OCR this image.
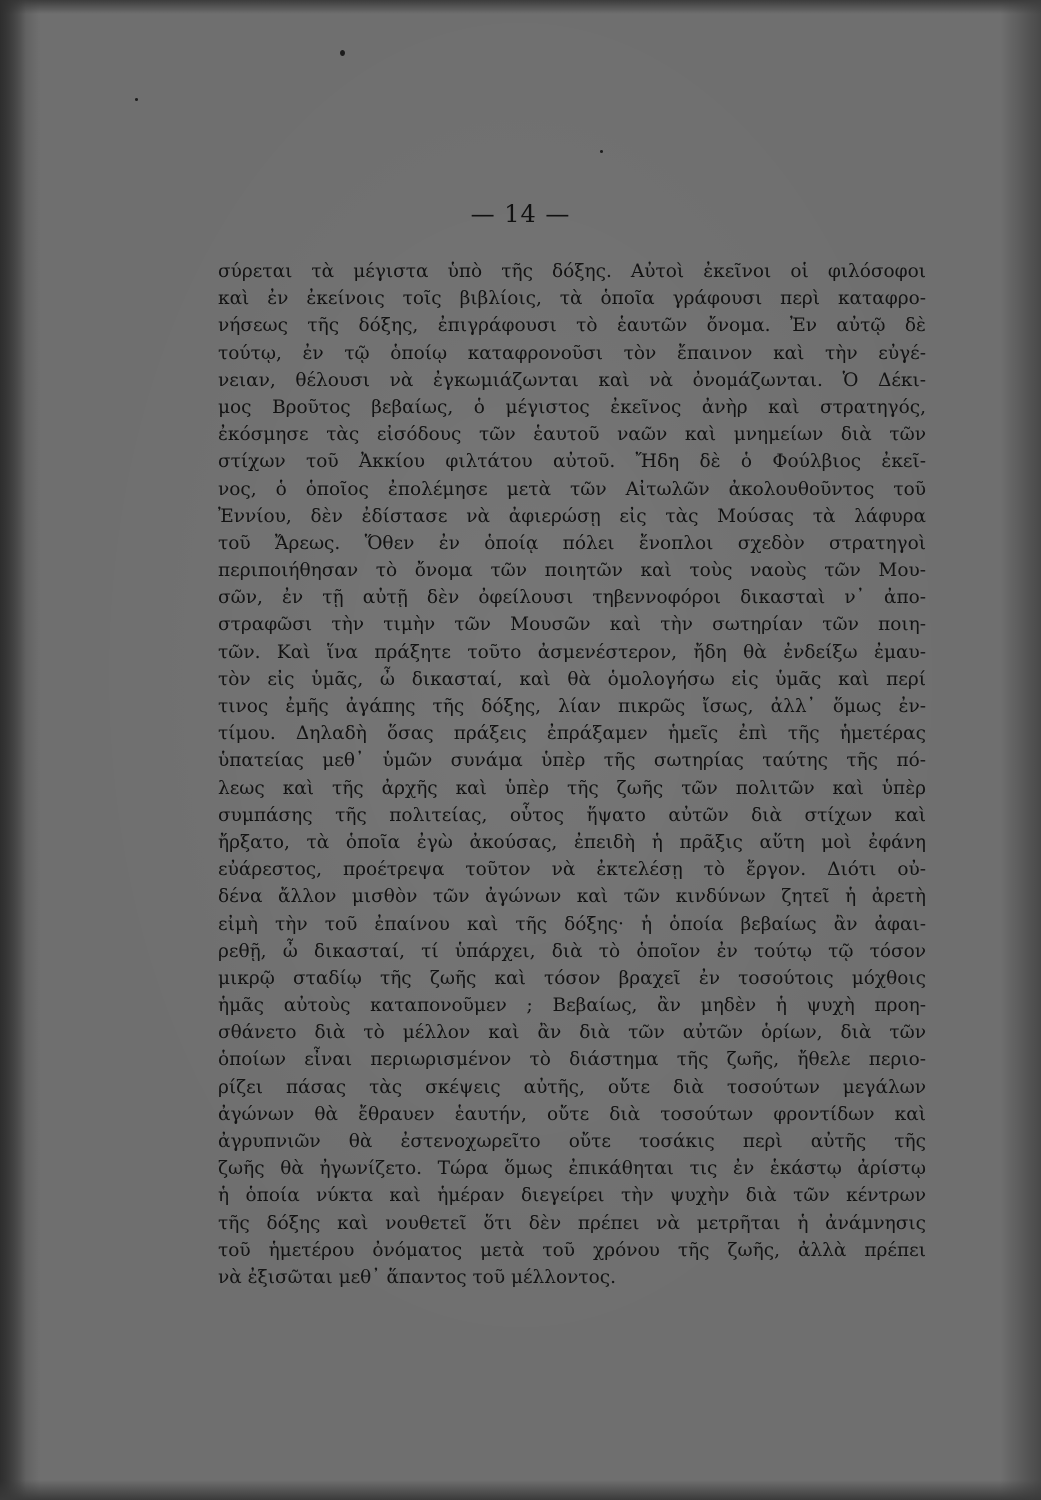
— 14 —
σύρεται τὰ μέγιστα ὑπὸ τῆς δόξης. Αὐτοὶ ἐκεῖνοι οἱ φιλόσοφοι
καὶ ἐν ἐκείνοις τοῖς βιβλίοις, τὰ ὁποῖα γράφουσι περὶ καταφρο-
νήσεως τῆς δόξης, ἐπιγράφουσι τὸ ἑαυτῶν ὄνομα. Ἐν αὐτῷ δὲ
τούτῳ, ἐν τῷ ὁποίῳ καταφρονοῦσι τὸν ἔπαινον καὶ τὴν εὐγέ-
νειαν, θέλουσι νὰ ἐγκωμιάζωνται καὶ νὰ ὀνομάζωνται. Ὁ Δέκι-
μος Βροῦτος βεβαίως, ὁ μέγιστος ἐκεῖνος ἀνὴρ καὶ στρατηγός,
ἐκόσμησε τὰς εἰσόδους τῶν ἑαυτοῦ ναῶν καὶ μνημείων διὰ τῶν
στίχων τοῦ Ἀκκίου φιλτάτου αὐτοῦ. Ἤδη δὲ ὁ Φούλβιος ἐκεῖ-
νος, ὁ ὁποῖος ἐπολέμησε μετὰ τῶν Αἰτωλῶν ἀκολουθοῦντος τοῦ
Ἐννίου, δὲν ἐδίστασε νὰ ἀφιερώσῃ εἰς τὰς Μούσας τὰ λάφυρα
τοῦ Ἄρεως. Ὅθεν ἐν ὁποίᾳ πόλει ἔνοπλοι σχεδὸν στρατηγοὶ
περιποιήθησαν τὸ ὄνομα τῶν ποιητῶν καὶ τοὺς ναοὺς τῶν Μου-
σῶν, ἐν τῇ αὐτῇ δὲν ὀφείλουσι τηβεννοφόροι δικασταὶ ν᾽ ἀπο-
στραφῶσι τὴν τιμὴν τῶν Μουσῶν καὶ τὴν σωτηρίαν τῶν ποιη-
τῶν. Καὶ ἵνα πράξητε τοῦτο ἀσμενέστερον, ἤδη θὰ ἐνδείξω ἐμαυ-
τὸν εἰς ὑμᾶς, ὦ δικασταί, καὶ θὰ ὁμολογήσω εἰς ὑμᾶς καὶ περί
τινος ἐμῆς ἀγάπης τῆς δόξης, λίαν πικρῶς ἴσως, ἀλλ᾽ ὅμως ἐν-
τίμου. Δηλαδὴ ὅσας πράξεις ἐπράξαμεν ἡμεῖς ἐπὶ τῆς ἡμετέρας
ὑπατείας μεθ᾽ ὑμῶν συνάμα ὑπὲρ τῆς σωτηρίας ταύτης τῆς πό-
λεως καὶ τῆς ἀρχῆς καὶ ὑπὲρ τῆς ζωῆς τῶν πολιτῶν καὶ ὑπὲρ
συμπάσης τῆς πολιτείας, οὗτος ἥψατο αὐτῶν διὰ στίχων καὶ
ἤρξατο, τὰ ὁποῖα ἐγὼ ἀκούσας, ἐπειδὴ ἡ πρᾶξις αὕτη μοὶ ἐφάνη
εὐάρεστος, προέτρεψα τοῦτον νὰ ἐκτελέσῃ τὸ ἔργον. Διότι οὐ-
δένα ἄλλον μισθὸν τῶν ἀγώνων καὶ τῶν κινδύνων ζητεῖ ἡ ἀρετὴ
εἰμὴ τὴν τοῦ ἐπαίνου καὶ τῆς δόξης· ἡ ὁποία βεβαίως ἂν ἀφαι-
ρεθῇ, ὦ δικασταί, τί ὑπάρχει, διὰ τὸ ὁποῖον ἐν τούτῳ τῷ τόσον
μικρῷ σταδίῳ τῆς ζωῆς καὶ τόσον βραχεῖ ἐν τοσούτοις μόχθοις
ἡμᾶς αὐτοὺς καταπονοῦμεν ; Βεβαίως, ἂν μηδὲν ἡ ψυχὴ προη-
σθάνετο διὰ τὸ μέλλον καὶ ἂν διὰ τῶν αὐτῶν ὁρίων, διὰ τῶν
ὁποίων εἶναι περιωρισμένον τὸ διάστημα τῆς ζωῆς, ἤθελε περιο-
ρίζει πάσας τὰς σκέψεις αὐτῆς, οὔτε διὰ τοσούτων μεγάλων
ἀγώνων θὰ ἔθραυεν ἑαυτήν, οὔτε διὰ τοσούτων φροντίδων καὶ
ἀγρυπνιῶν θὰ ἐστενοχωρεῖτο οὔτε τοσάκις περὶ αὐτῆς τῆς
ζωῆς θὰ ἠγωνίζετο. Τώρα ὅμως ἐπικάθηται τις ἐν ἑκάστῳ ἀρίστῳ
ἡ ὁποία νύκτα καὶ ἡμέραν διεγείρει τὴν ψυχὴν διὰ τῶν κέντρων
τῆς δόξης καὶ νουθετεῖ ὅτι δὲν πρέπει νὰ μετρῆται ἡ ἀνάμνησις
τοῦ ἡμετέρου ὀνόματος μετὰ τοῦ χρόνου τῆς ζωῆς, ἀλλὰ πρέπει
νὰ ἐξισῶται μεθ᾽ ἅπαντος τοῦ μέλλοντος.
